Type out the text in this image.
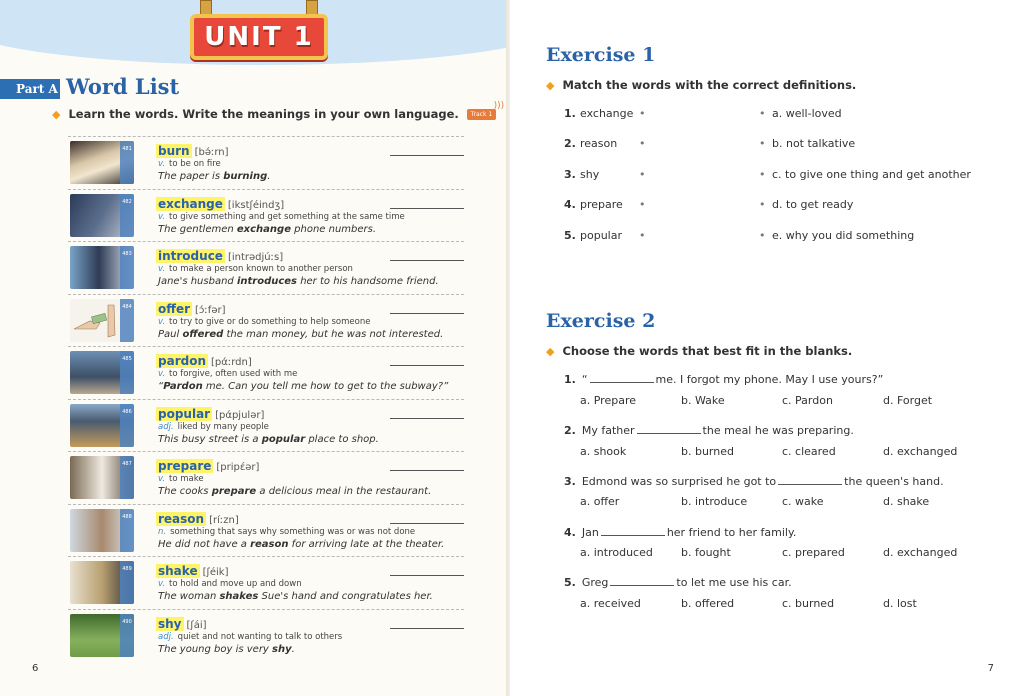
UNIT 1
Part A Word List
◆ Learn the words. Write the meanings in your own language.	Track 1
)))
481 burn [bə́ːrn]
v. to be on fire
The paper is burning.
482 exchange [ikstʃéindʒ]
v. to give something and get something at the same time
The gentlemen exchange phone numbers.
483 introduce [intrədjúːs]
v. to make a person known to another person
Jane's husband introduces her to his handsome friend.
484 offer [ɔ́ːfər]
v. to try to give or do something to help someone
Paul offered the man money, but he was not interested.
485 pardon [pάːrdn]
v. to forgive, often used with me
“Pardon me. Can you tell me how to get to the subway?”
486 popular [pάpjulər]
adj. liked by many people
This busy street is a popular place to shop.
487 prepare [pripέər]
v. to make
The cooks prepare a delicious meal in the restaurant.
488 reason [ríːzn]
n. something that says why something was or was not done
He did not have a reason for arriving late at the theater.
489 shake [ʃéik]
v. to hold and move up and down
The woman shakes Sue's hand and congratulates her.
490 shy [ʃái]
adj. quiet and not wanting to talk to others
The young boy is very shy.
6
Exercise 1
◆ Match the words with the correct definitions.
1. exchange •	• a. well-loved
2. reason •	• b. not talkative
3. shy	•	• c. to give one thing and get another
4. prepare •	• d. to get ready
5. popular •	• e. why you did something
Exercise 2
◆ Choose the words that best fit in the blanks.
1. “	me. I forgot my phone. May I use yours?”
a. Prepare	b. Wake	c. Pardon	d. Forget
2. My father	the meal he was preparing.
a. shook	b. burned	c. cleared	d. exchanged
3. Edmond was so surprised he got to	the queen's hand.
a. offer	b. introduce	c. wake	d. shake
4. Jan	her friend to her family.
a. introduced	b. fought	c. prepared	d. exchanged
5. Greg	to let me use his car.
a. received	b. offered	c. burned	d. lost
7
